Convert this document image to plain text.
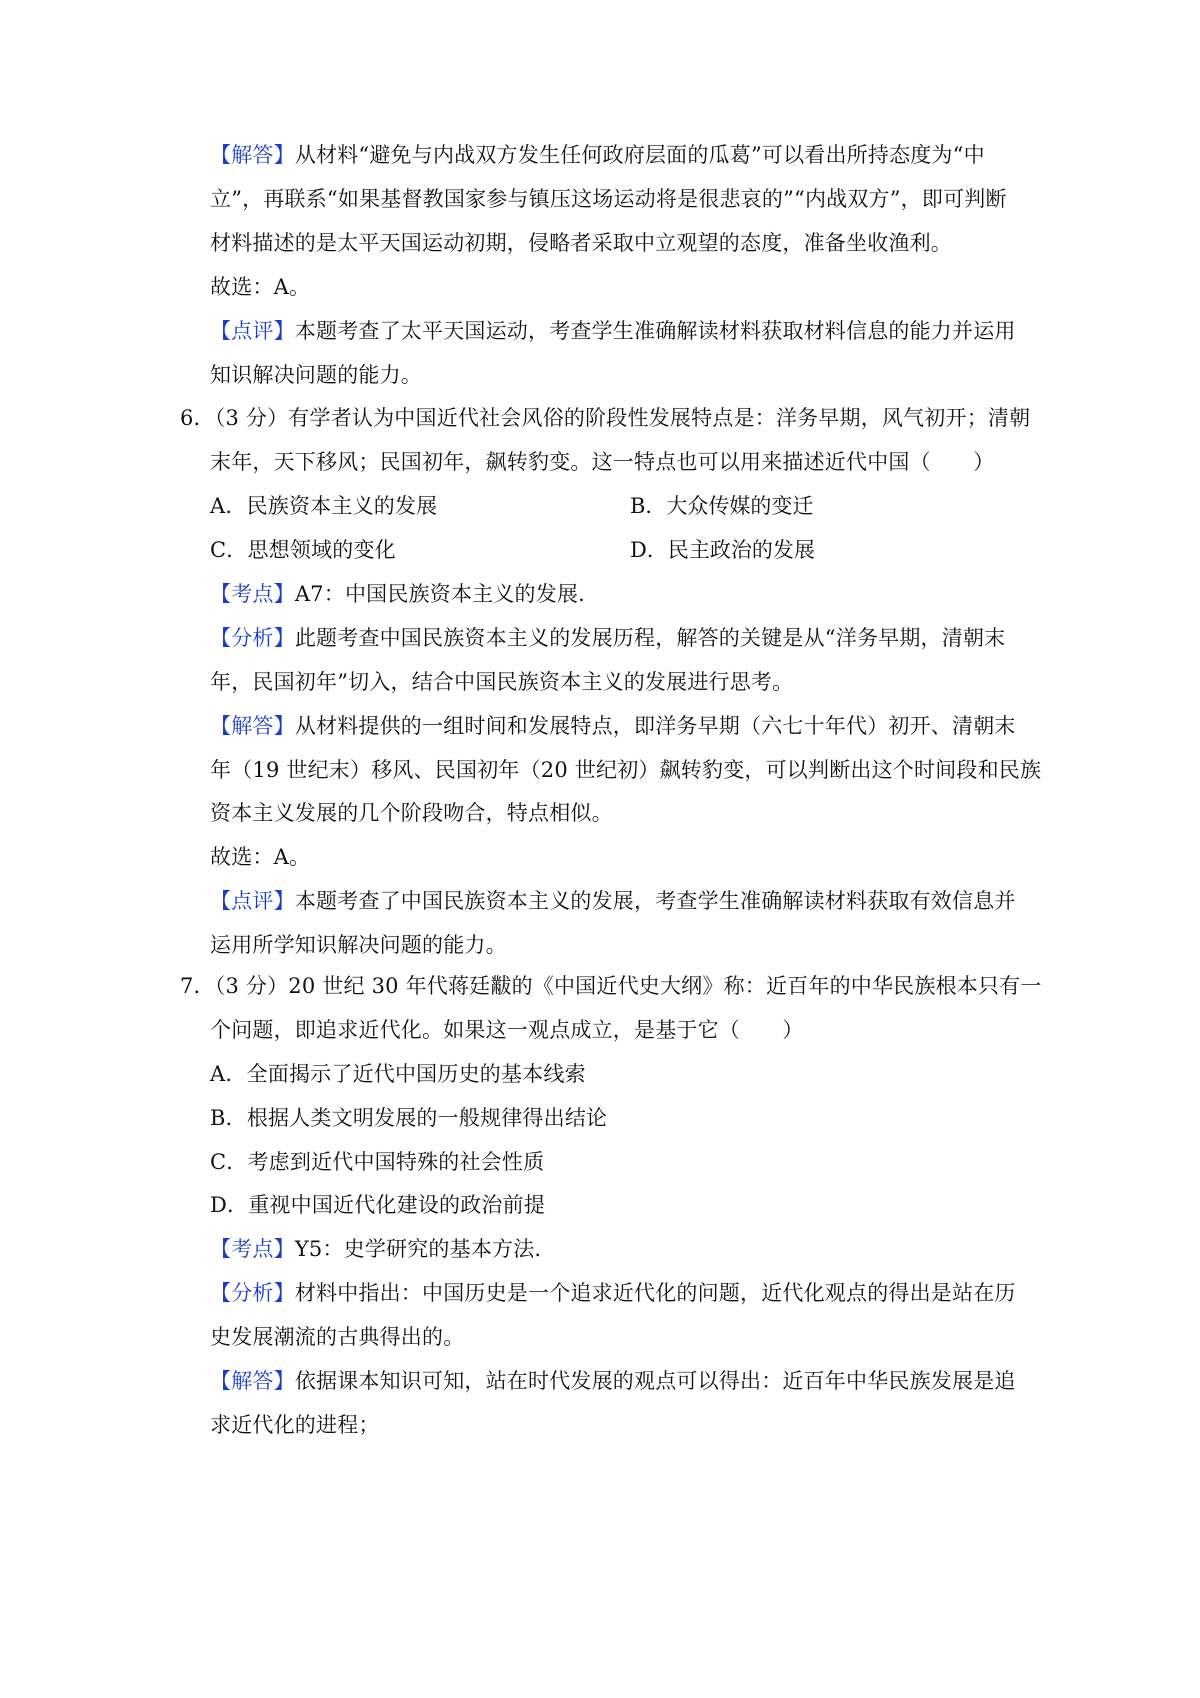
【解答】从材料“避免与内战双方发生任何政府层面的瓜葛”可以看出所持态度为“中
立”，再联系“如果基督教国家参与镇压这场运动将是很悲哀的”“内战双方”，即可判断
材料描述的是太平天国运动初期，侵略者采取中立观望的态度，准备坐收渔利。
故选：A。
【点评】本题考查了太平天国运动，考查学生准确解读材料获取材料信息的能力并运用
知识解决问题的能力。
6．（3 分）有学者认为中国近代社会风俗的阶段性发展特点是：洋务早期，风气初开；清朝
末年，天下移风；民国初年，飙转豹变。这一特点也可以用来描述近代中国（　　）
A．民族资本主义的发展	B．大众传媒的变迁
C．思想领域的变化	D．民主政治的发展
【考点】A7：中国民族资本主义的发展.
【分析】此题考查中国民族资本主义的发展历程，解答的关键是从“洋务早期，清朝末
年，民国初年”切入，结合中国民族资本主义的发展进行思考。
【解答】从材料提供的一组时间和发展特点，即洋务早期（六七十年代）初开、清朝末
年（19 世纪末）移风、民国初年（20 世纪初）飙转豹变，可以判断出这个时间段和民族
资本主义发展的几个阶段吻合，特点相似。
故选：A。
【点评】本题考查了中国民族资本主义的发展，考查学生准确解读材料获取有效信息并
运用所学知识解决问题的能力。
7．（3 分）20 世纪 30 年代蒋廷黻的《中国近代史大纲》称：近百年的中华民族根本只有一
个问题，即追求近代化。如果这一观点成立，是基于它（　　）
A．全面揭示了近代中国历史的基本线索
B．根据人类文明发展的一般规律得出结论
C．考虑到近代中国特殊的社会性质
D．重视中国近代化建设的政治前提
【考点】Y5：史学研究的基本方法.
【分析】材料中指出：中国历史是一个追求近代化的问题，近代化观点的得出是站在历
史发展潮流的古典得出的。
【解答】依据课本知识可知，站在时代发展的观点可以得出：近百年中华民族发展是追
求近代化的进程；
